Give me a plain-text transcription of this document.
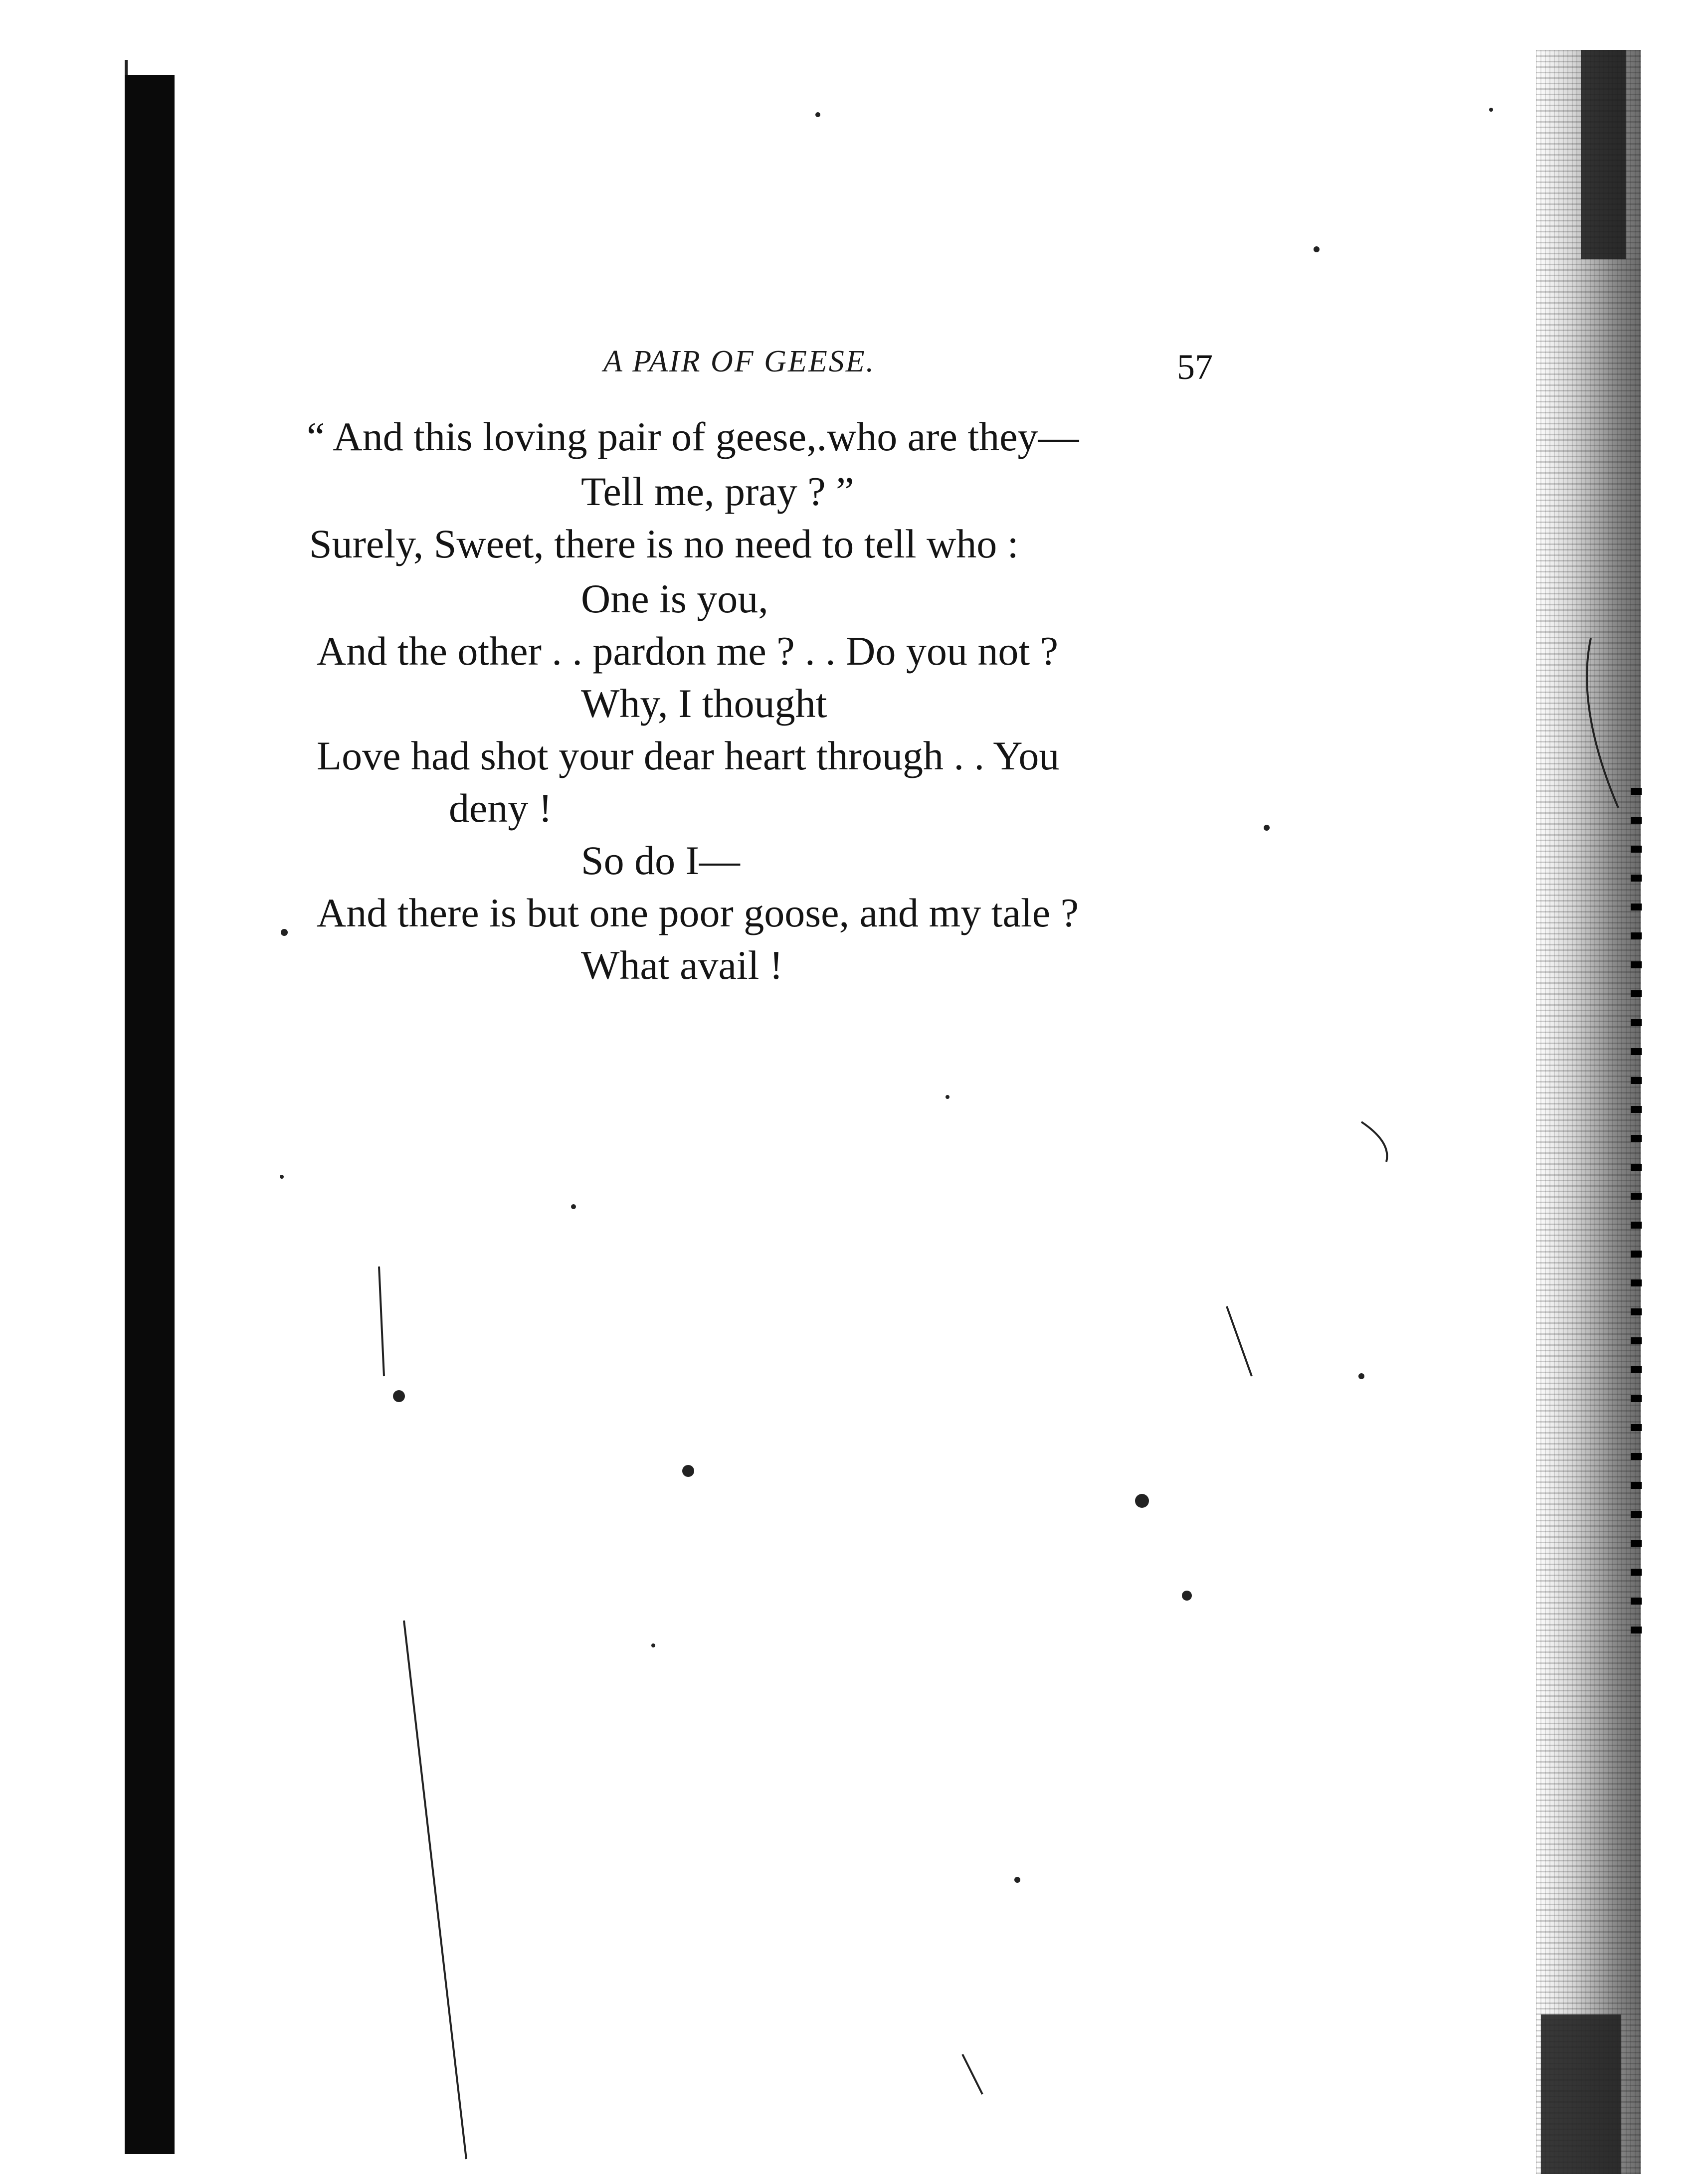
A PAIR OF GEESE.	57
“ And this loving pair of geese,.who are they—
Tell me, pray ? ”
Surely, Sweet, there is no need to tell who :
One is you,
And the other . . pardon me ? . . Do you not ?
Why, I thought
Love had shot your dear heart through . . You
deny !
So do I—
And there is but one poor goose, and my tale ?
What avail !
